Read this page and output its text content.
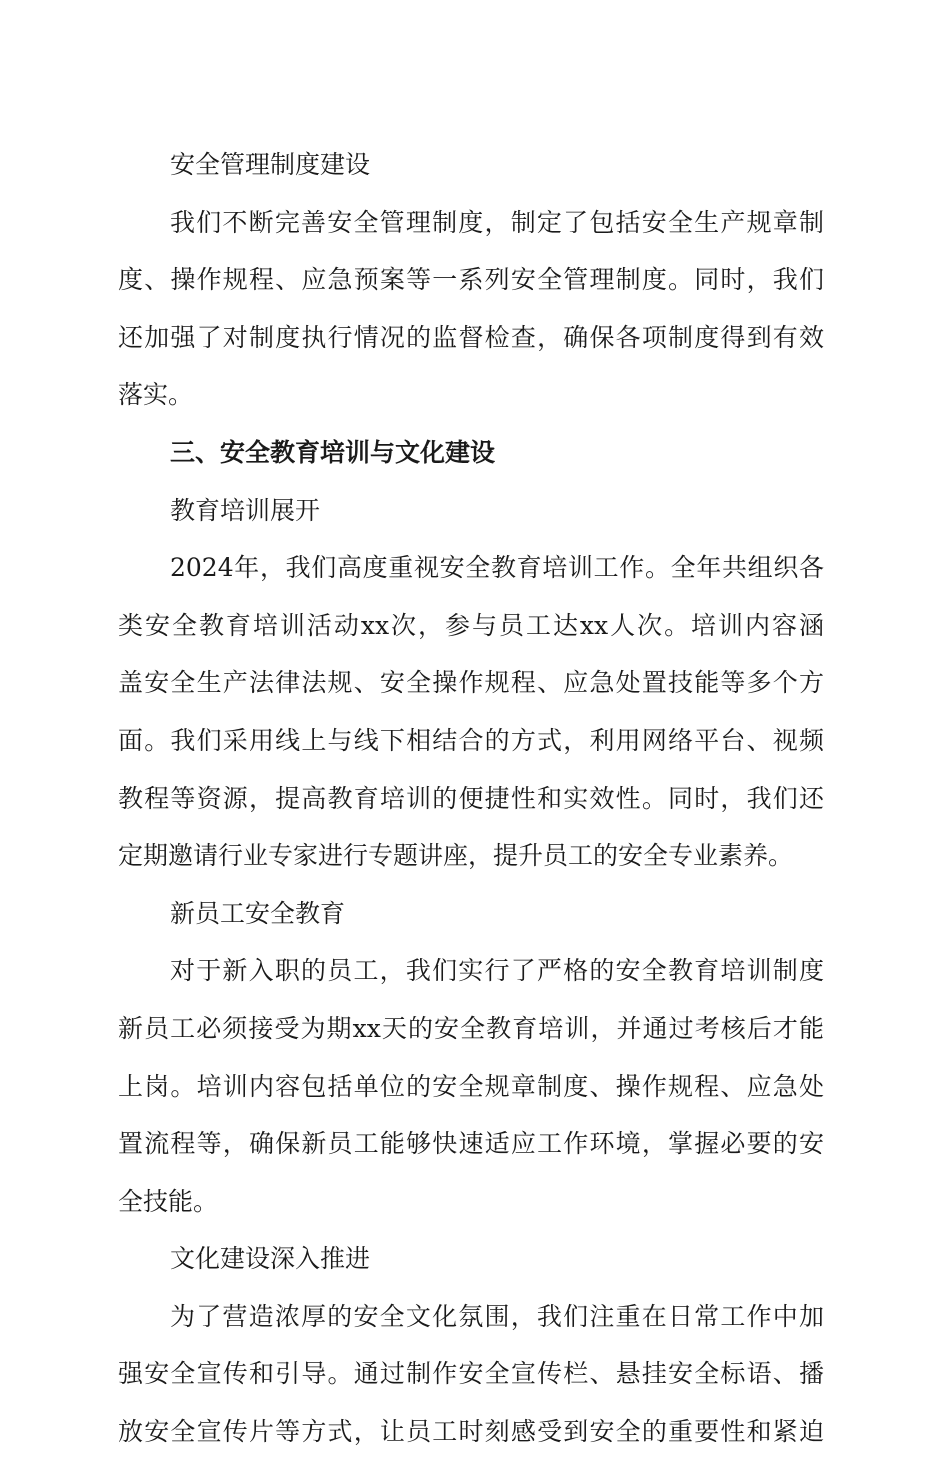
安全管理制度建设
我们不断完善安全管理制度，制定了包括安全生产规章制
度、操作规程、应急预案等一系列安全管理制度。同时，我们
还加强了对制度执行情况的监督检查，确保各项制度得到有效
落实。
三、安全教育培训与文化建设
教育培训展开
2024年，我们高度重视安全教育培训工作。全年共组织各
类安全教育培训活动xx次，参与员工达xx人次。培训内容涵
盖安全生产法律法规、安全操作规程、应急处置技能等多个方
面。我们采用线上与线下相结合的方式，利用网络平台、视频
教程等资源，提高教育培训的便捷性和实效性。同时，我们还
定期邀请行业专家进行专题讲座，提升员工的安全专业素养。
新员工安全教育
对于新入职的员工，我们实行了严格的安全教育培训制度
新员工必须接受为期xx天的安全教育培训，并通过考核后才能
上岗。培训内容包括单位的安全规章制度、操作规程、应急处
置流程等，确保新员工能够快速适应工作环境，掌握必要的安
全技能。
文化建设深入推进
为了营造浓厚的安全文化氛围，我们注重在日常工作中加
强安全宣传和引导。通过制作安全宣传栏、悬挂安全标语、播
放安全宣传片等方式，让员工时刻感受到安全的重要性和紧迫
